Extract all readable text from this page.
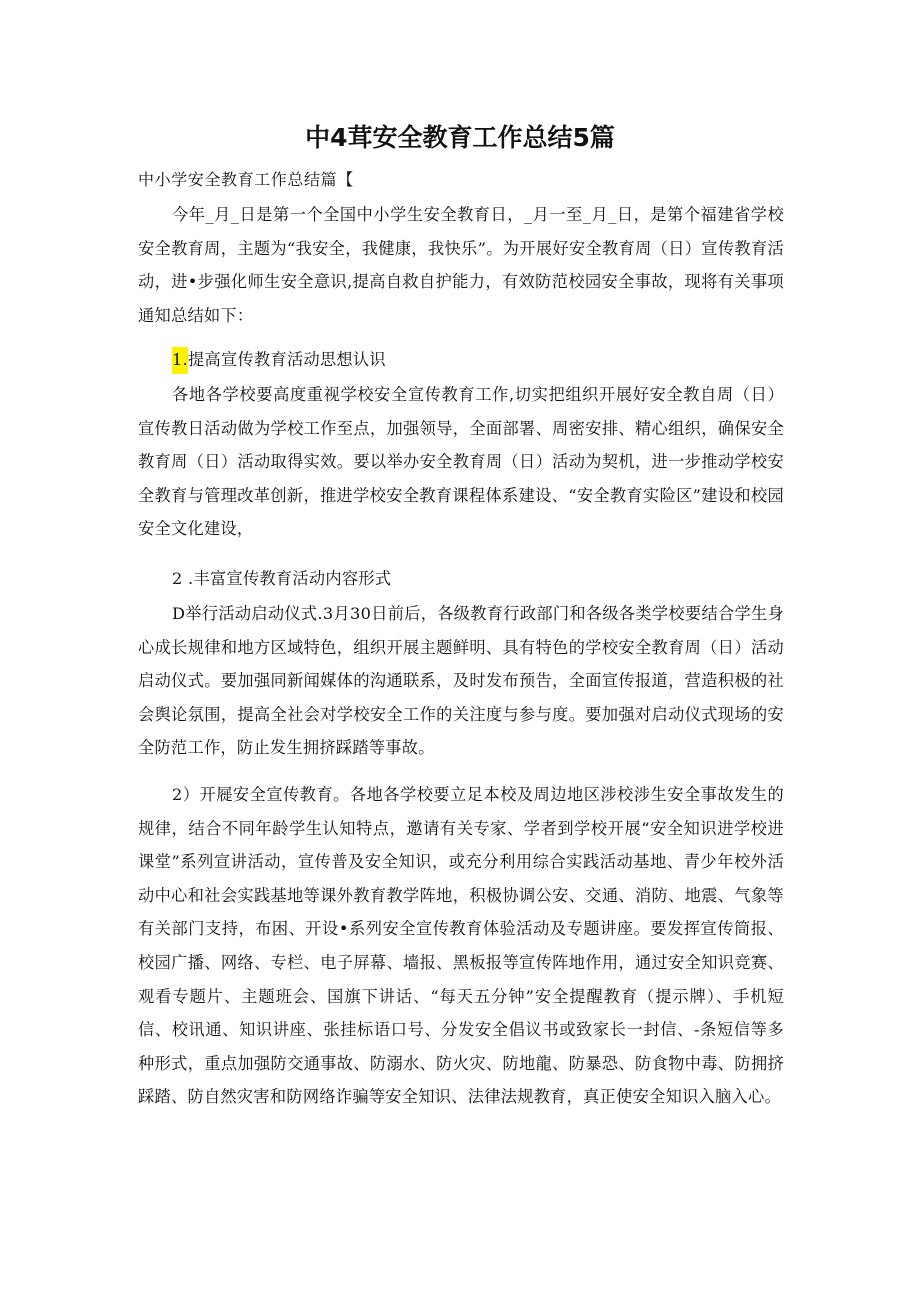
中4茸安全教育工作总结5篇
中小学安全教育工作总结篇【

今年_月_日是第一个全国中小学生安全教育日，_月一至_月_日，是第个福建省学校安全教育周，主题为“我安全，我健康，我快乐”。为开展好安全教育周（日）宣传教育活动，进•步强化师生安全意识,提高自救自护能力，有效防范校园安全事故，现将有关事项通知总结如下：

1.提高宣传教育活动思想认识

各地各学校要高度重视学校安全宣传教育工作,切实把组织开展好安全教自周（日）宣传教日活动做为学校工作至点，加强领导，全面部署、周密安排、精心组织，确保安全教育周（日）活动取得实效。要以举办安全教育周（日）活动为契机，进一步推动学校安全教育与管理改革创新，推进学校安全教育课程体系建设、“安全教育实险区”建设和校园安全文化建设，

2 .丰富宣传教育活动内容形式

D举行活动启动仪式.3月30日前后，各级教育行政部门和各级各类学校要结合学生身心成长规律和地方区域特色，组织开展主题鲜明、具有特色的学校安全教育周（日）活动启动仪式。要加强同新闻媒体的沟通联系，及时发布预告，全面宣传报道，营造积极的社会舆论氛围，提高全社会对学校安全工作的关注度与参与度。要加强对启动仪式现场的安全防范工作，防止发生拥挤踩踏等事故。

2）开屣安全宣传教育。各地各学校要立足本校及周边地区涉校涉生安全事故发生的规律，结合不同年龄学生认知特点，邀请有关专家、学者到学校开展“安全知识进学校进课堂”系列宣讲活动，宣传普及安全知识，或充分利用综合实践活动基地、青少年校外活动中心和社会实践基地等课外教育教学阵地，积极协调公安、交通、消防、地震、气象等有关部门支持，布困、开设•系列安全宣传教育体验活动及专题讲座。要发挥宣传筒报、校园广播、网络、专栏、电子屏幕、墙报、黑板报等宣传阵地作用，通过安全知识竞赛、观看专题片、主题班会、国旗下讲话、“每天五分钟”安全提醒教育（提示牌）、手机短信、校讯通、知识讲座、张挂标语口号、分发安全倡议书或致家长一封信、-条短信等多种形式，重点加强防交通事故、防溺水、防火灾、防地龍、防暴恐、防食物中毒、防拥挤踩踏、防自然灾害和防网络诈骗等安全知识、法律法规教育，真正使安全知识入脑入心。
